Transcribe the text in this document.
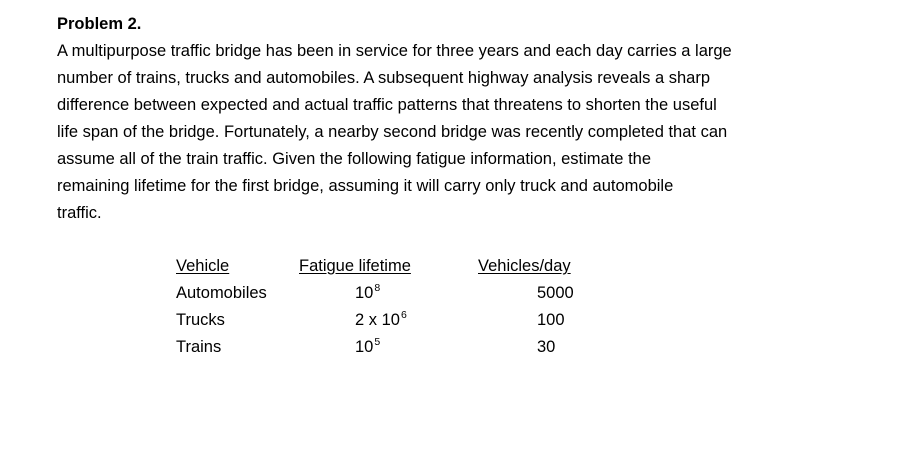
Problem 2.
A multipurpose traffic bridge has been in service for three years and each day carries a large
number of trains, trucks and automobiles. A subsequent highway analysis reveals a sharp
difference between expected and actual traffic patterns that threatens to shorten the useful
life span of the bridge. Fortunately, a nearby second bridge was recently completed that can
assume all of the train traffic. Given the following fatigue information, estimate the
remaining lifetime for the first bridge, assuming it will carry only truck and automobile
traffic.
Vehicle	Fatigue lifetime	Vehicles/day
Automobiles	$10^8$	5000
Trucks	2 x $10^6$	100
Trains	$10^5$	30
